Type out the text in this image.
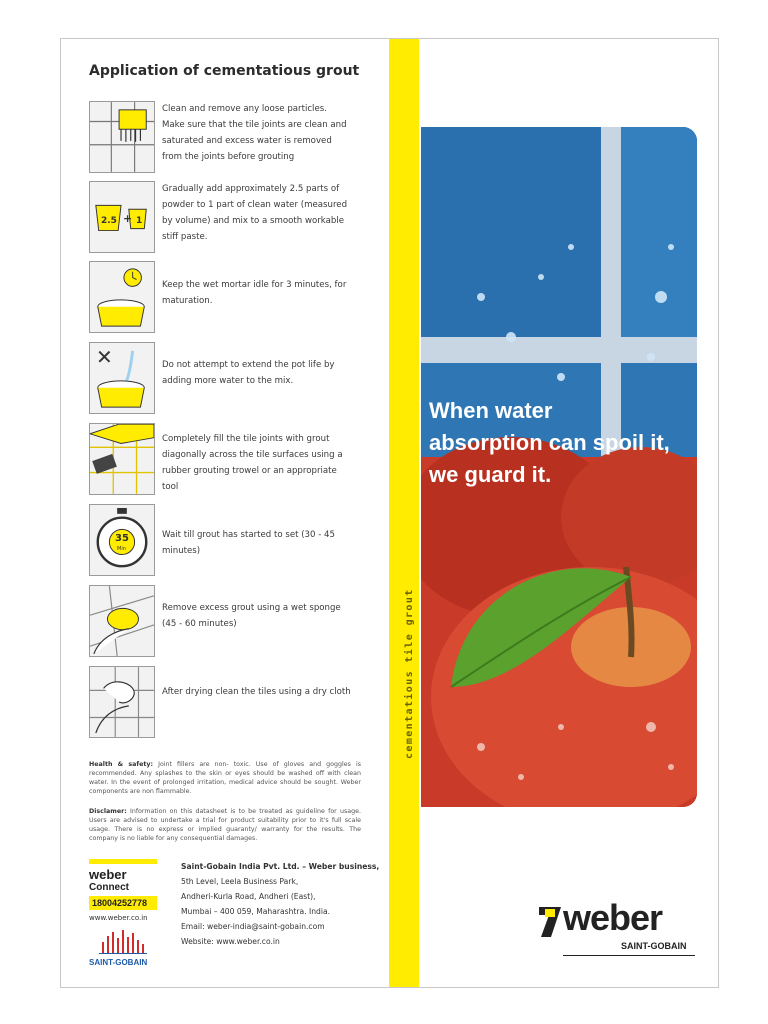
Application of cementatious grout
Clean and remove any loose particles. Make sure that the tile joints are clean and saturated and excess water is removed from the joints before grouting
2.5 + 1
Gradually add approximately 2.5 parts of powder to 1 part of clean water (measured by volume) and mix to a smooth workable stiff paste.
Keep the wet mortar idle for 3 minutes, for maturation.
✕	Do not attempt to extend the pot life by adding more water to the mix.
Completely fill the tile joints with grout diagonally across the tile surfaces using a rubber grouting trowel or an appropriate tool
35
Min
Wait till grout has started to set (30 - 45 minutes)
Remove excess grout using a wet sponge (45 - 60 minutes)
After drying clean the tiles using a dry cloth
Health & safety: Joint fillers are non- toxic. Use of gloves and goggles is recommended. Any splashes to the skin or eyes should be washed off with clean water. In the event of prolonged irritation, medical advice should be sought. Weber components are non flammable.
Disclamer: Information on this datasheet is to be treated as guideline for usage. Users are advised to undertake a trial for product suitability prior to it's full scale usage. There is no express or implied guaranty/ warranty for the results. The company is no liable for any consequential damages.
weber
Connect
18004252778
www.weber.co.in
SAINT-GOBAIN
Saint-Gobain India Pvt. Ltd. – Weber business,
5th Level, Leela Business Park,
Andheri-Kurla Road, Andheri (East),
Mumbai – 400 059, Maharashtra. India.
Email: weber-india@saint-gobain.com
Website: www.weber.co.in
cementatious tile grout
When water
absorption can spoil it,
we guard it.
weber
SAINT-GOBAIN
